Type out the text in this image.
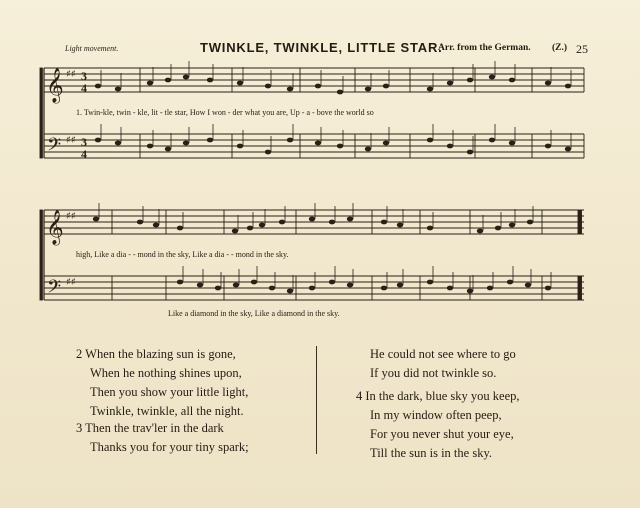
Light movement.	TWINKLE, TWINKLE, LITTLE STAR.
Arr. from the German. (Z.) 25
𝄞
𝄢
𝄞
𝄢
♯♯
♯♯
♯♯
♯♯
3
4
3
4
1. Twin-kle, twin - kle, lit - tle star, How I won - der what you are, Up - a - bove the world so
high, Like a dia - - mond in the sky, Like a dia - - mond in the sky.
Like a diamond in the sky, Like a diamond in the sky.
2 When the blazing sun is gone,
When he nothing shines upon,
Then you show your little light,
Twinkle, twinkle, all the night.
3 Then the trav'ler in the dark
Thanks you for your tiny spark;
He could not see where to go
If you did not twinkle so.
4 In the dark, blue sky you keep,
In my window often peep,
For you never shut your eye,
Till the sun is in the sky.
